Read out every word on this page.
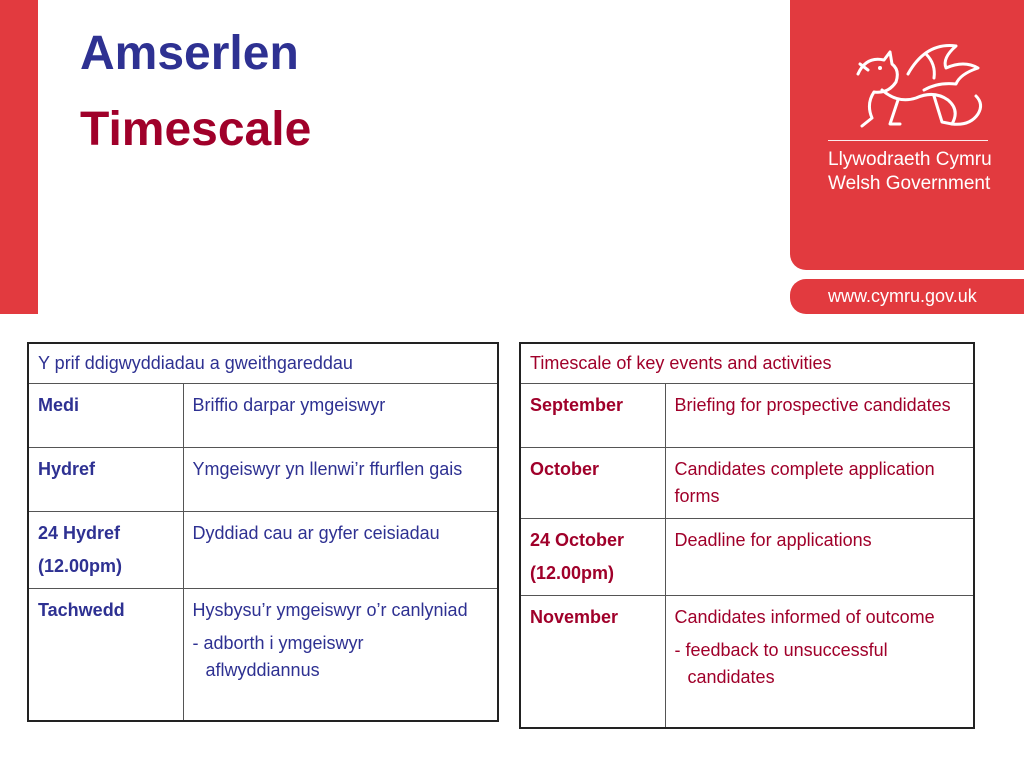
Amserlen
Timescale
Llywodraeth Cymru
Welsh Government
www.cymru.gov.uk
Y prif ddigwyddiadau a gweithgareddau	

Medi	Briffio darpar ymgeiswyr

Hydref	Ymgeiswyr yn llenwi’r ffurflen gais

24 Hydref
(12.00pm)	Dyddiad cau ar gyfer ceisiadau

Tachwedd	Hysbysu’r ymgeiswyr o’r canlyniad
- adborth i ymgeiswyr
aflwyddiannus
Timescale of key events and activities	

September	Briefing for prospective candidates

October	Candidates complete application forms

24 October
(12.00pm)	Deadline for applications

November	Candidates informed of outcome
- feedback to unsuccessful
candidates
